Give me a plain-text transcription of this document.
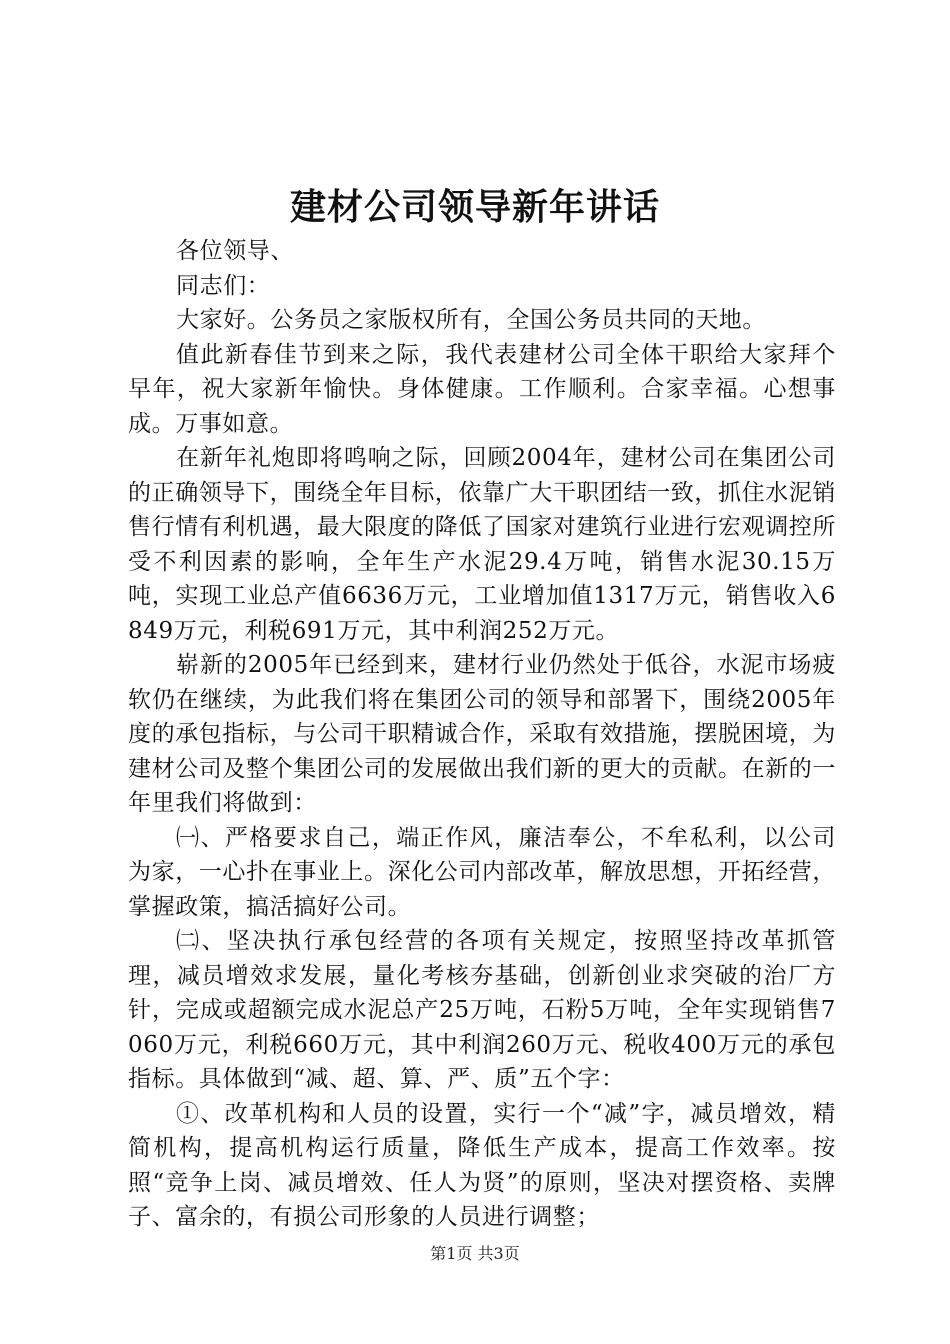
建材公司领导新年讲话

各位领导、

同志们：

大家好。公务员之家版权所有，全国公务员共同的天地。

值此新春佳节到来之际，我代表建材公司全体干职给大家拜个早年，祝大家新年愉快。身体健康。工作顺利。合家幸福。心想事成。万事如意。

在新年礼炮即将鸣响之际，回顾2004年，建材公司在集团公司的正确领导下，围绕全年目标，依靠广大干职团结一致，抓住水泥销售行情有利机遇，最大限度的降低了国家对建筑行业进行宏观调控所受不利因素的影响，全年生产水泥29.4万吨，销售水泥30.15万吨，实现工业总产值6636万元，工业增加值1317万元，销售收入6849万元，利税691万元，其中利润252万元。

崭新的2005年已经到来，建材行业仍然处于低谷，水泥市场疲软仍在继续，为此我们将在集团公司的领导和部署下，围绕2005年度的承包指标，与公司干职精诚合作，采取有效措施，摆脱困境，为建材公司及整个集团公司的发展做出我们新的更大的贡献。在新的一年里我们将做到：

㈠、严格要求自己，端正作风，廉洁奉公，不牟私利，以公司为家，一心扑在事业上。深化公司内部改革，解放思想，开拓经营，掌握政策，搞活搞好公司。

㈡、坚决执行承包经营的各项有关规定，按照坚持改革抓管理，减员增效求发展，量化考核夯基础，创新创业求突破的治厂方针，完成或超额完成水泥总产25万吨，石粉5万吨，全年实现销售7060万元，利税660万元，其中利润260万元、税收400万元的承包指标。具体做到“减、超、算、严、质”五个字：

①、改革机构和人员的设置，实行一个“减”字，减员增效，精简机构，提高机构运行质量，降低生产成本，提高工作效率。按照“竞争上岗、减员增效、任人为贤”的原则，坚决对摆资格、卖牌子、富余的，有损公司形象的人员进行调整；

第1页 共3页
